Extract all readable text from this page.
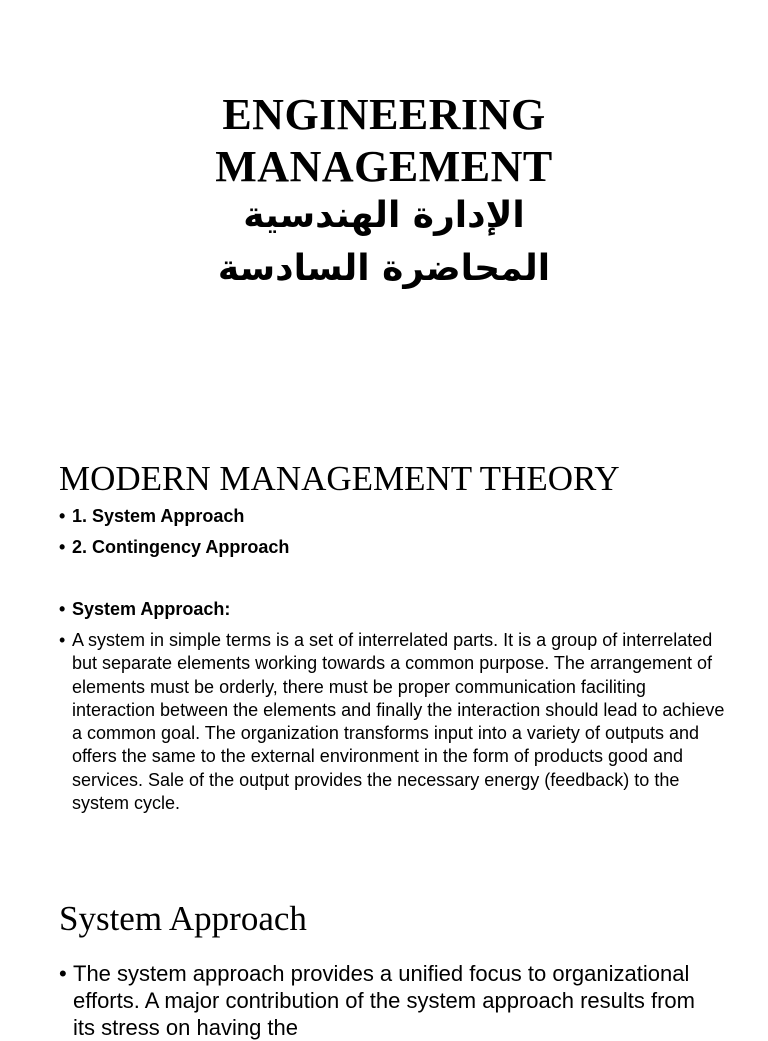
ENGINEERING
MANAGEMENT
الإدارة الهندسية
المحاضرة السادسة
MODERN MANAGEMENT THEORY
• 1. System Approach
• 2. Contingency Approach
• System Approach:
• A system in simple terms is a set of interrelated parts. It is a group of interrelated but separate elements working towards a common purpose. The arrangement of elements must be orderly, there must be proper communication faciliting interaction between the elements and finally the interaction should lead to achieve a common goal. The organization transforms input into a variety of outputs and offers the same to the external environment in the form of products good and services. Sale of the output provides the necessary energy (feedback) to the system cycle.
System Approach
• The system approach provides a unified focus to organizational efforts. A major contribution of the system approach results from its stress on having the
